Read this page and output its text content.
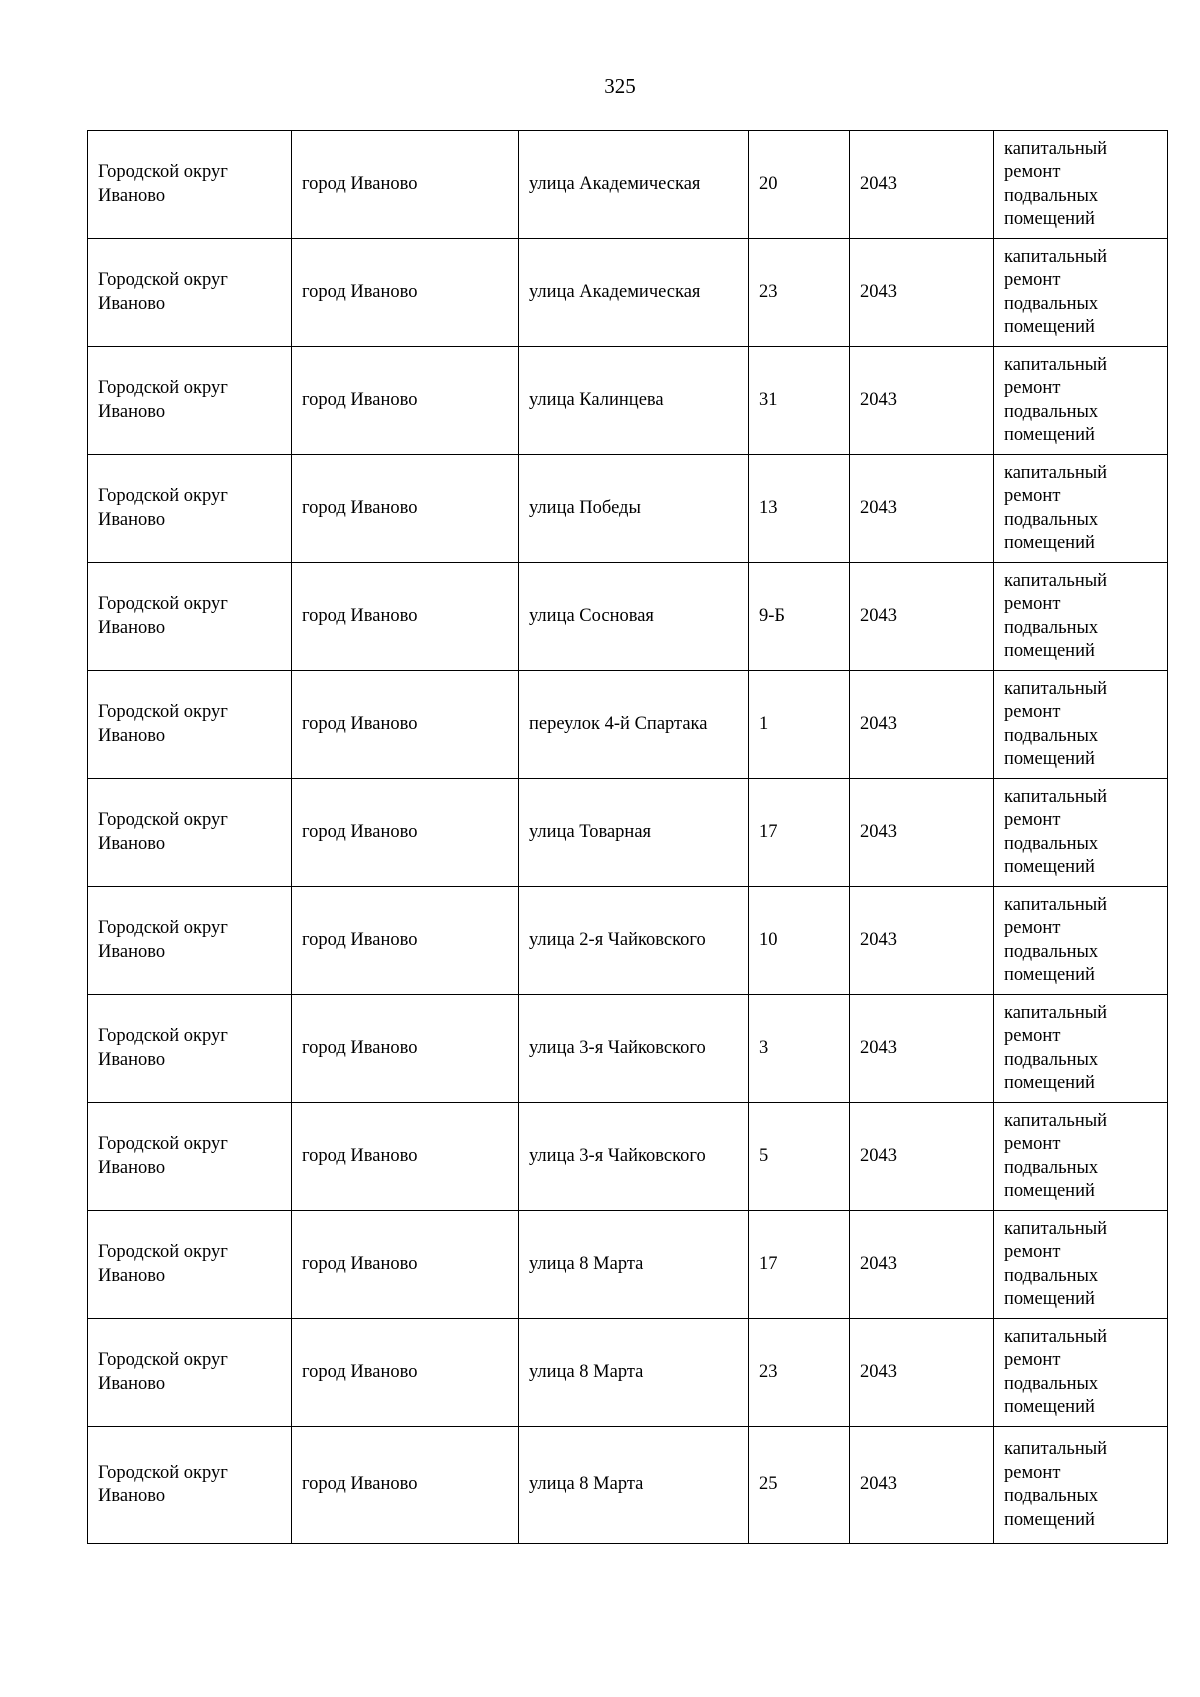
325
Городской округ Иваново	город Иваново	улица Академическая	20	2043	капитальный ремонт подвальных помещений
Городской округ Иваново	город Иваново	улица Академическая	23	2043	капитальный ремонт подвальных помещений
Городской округ Иваново	город Иваново	улица Калинцева	31	2043	капитальный ремонт подвальных помещений
Городской округ Иваново	город Иваново	улица Победы	13	2043	капитальный ремонт подвальных помещений
Городской округ Иваново	город Иваново	улица Сосновая	9-Б	2043	капитальный ремонт подвальных помещений
Городской округ Иваново	город Иваново	переулок 4-й Спартака	1	2043	капитальный ремонт подвальных помещений
Городской округ Иваново	город Иваново	улица Товарная	17	2043	капитальный ремонт подвальных помещений
Городской округ Иваново	город Иваново	улица 2-я Чайковского	10	2043	капитальный ремонт подвальных помещений
Городской округ Иваново	город Иваново	улица 3-я Чайковского	3	2043	капитальный ремонт подвальных помещений
Городской округ Иваново	город Иваново	улица 3-я Чайковского	5	2043	капитальный ремонт подвальных помещений
Городской округ Иваново	город Иваново	улица 8 Марта	17	2043	капитальный ремонт подвальных помещений
Городской округ Иваново	город Иваново	улица 8 Марта	23	2043	капитальный ремонт подвальных помещений
Городской округ Иваново	город Иваново	улица 8 Марта	25	2043	капитальный ремонт подвальных помещений
